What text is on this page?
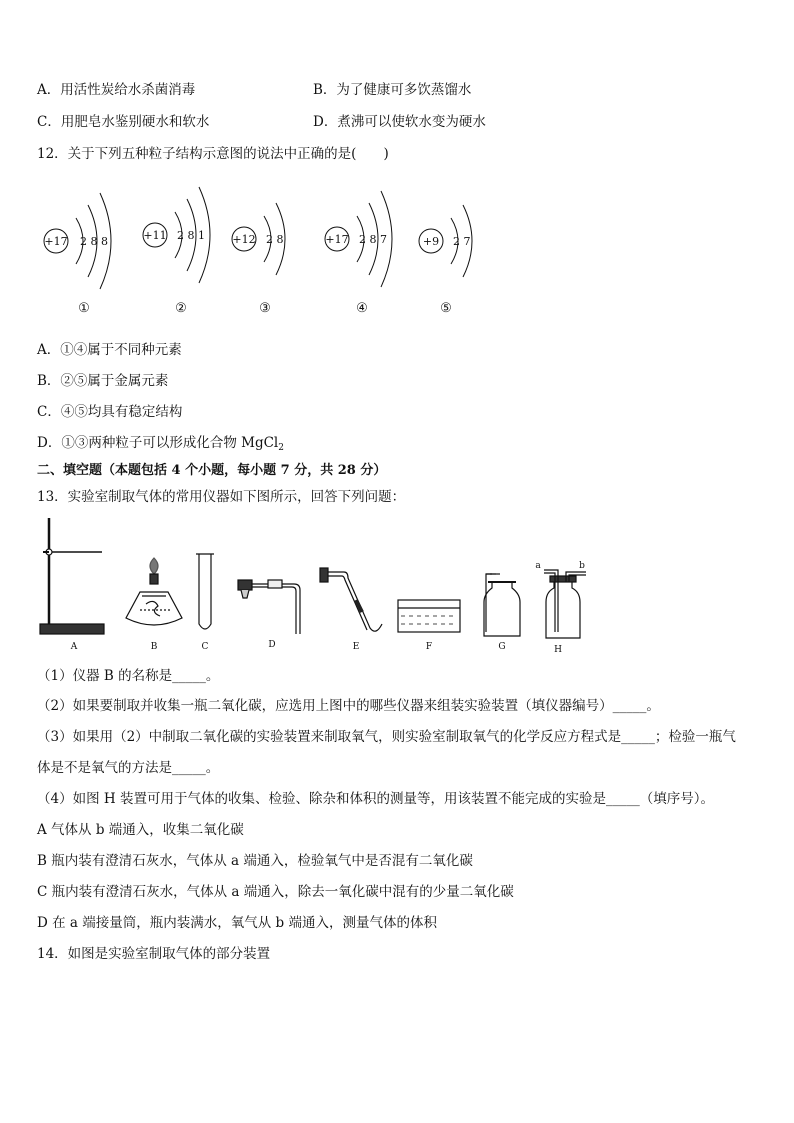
A．用活性炭给水杀菌消毒	B．为了健康可多饮蒸馏水
C．用肥皂水鉴别硬水和软水	D．煮沸可以使软水变为硬水
12．关于下列五种粒子结构示意图的说法中正确的是(　　)
+17 2 8 8	+11 2 8 1 +12 2 8	+17 2 8 7	+9 2 7
①	②	③	④	⑤
A．①④属于不同种元素
B．②⑤属于金属元素
C．④⑤均具有稳定结构
D．①③两种粒子可以形成化合物 MgCl$_2$
二、填空题（本题包括 4 个小题，每小题 7 分，共 28 分）
13．实验室制取气体的常用仪器如下图所示，回答下列问题：
A	B	C	D	E	F	G	H
a	b
（1）仪器 B 的名称是_____。
（2）如果要制取并收集一瓶二氧化碳，应选用上图中的哪些仪器来组装实验装置（填仪器编号）_____。
（3）如果用（2）中制取二氧化碳的实验装置来制取氧气，则实验室制取氧气的化学反应方程式是_____；检验一瓶气
体是不是氧气的方法是_____。
（4）如图 H 装置可用于气体的收集、检验、除杂和体积的测量等，用该装置不能完成的实验是_____（填序号）。
A 气体从 b 端通入，收集二氧化碳
B 瓶内装有澄清石灰水，气体从 a 端通入，检验氧气中是否混有二氧化碳
C 瓶内装有澄清石灰水，气体从 a 端通入，除去一氧化碳中混有的少量二氧化碳
D 在 a 端接量筒，瓶内装满水，氧气从 b 端通入，测量气体的体积
14．如图是实验室制取气体的部分装置
